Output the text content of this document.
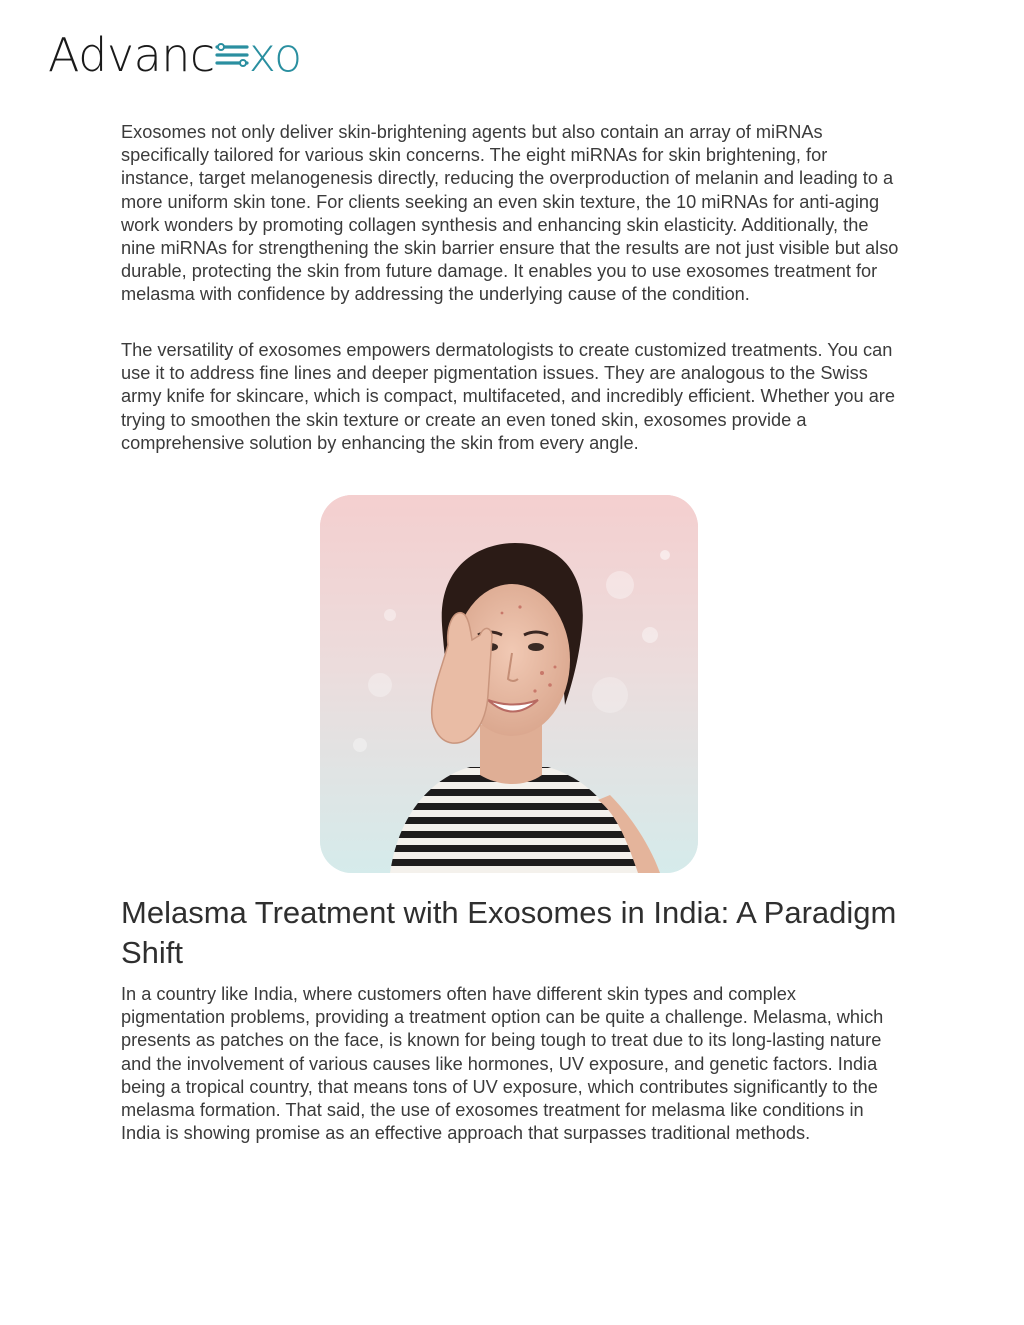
Advanc xo

Exosomes not only deliver skin-brightening agents but also contain an array of miRNAs specifically tailored for various skin concerns. The eight miRNAs for skin brightening, for instance, target melanogenesis directly, reducing the overproduction of melanin and leading to a more uniform skin tone. For clients seeking an even skin texture, the 10 miRNAs for anti-aging work wonders by promoting collagen synthesis and enhancing skin elasticity. Additionally, the nine miRNAs for strengthening the skin barrier ensure that the results are not just visible but also durable, protecting the skin from future damage. It enables you to use exosomes treatment for melasma with confidence by addressing the underlying cause of the condition.

The versatility of exosomes empowers dermatologists to create customized treatments. You can use it to address fine lines and deeper pigmentation issues. They are analogous to the Swiss army knife for skincare, which is compact, multifaceted, and incredibly efficient. Whether you are trying to smoothen the skin texture or create an even toned skin, exosomes provide a comprehensive solution by enhancing the skin from every angle.

Melasma Treatment with Exosomes in India: A Paradigm Shift

In a country like India, where customers often have different skin types and complex pigmentation problems, providing a treatment option can be quite a challenge. Melasma, which presents as patches on the face, is known for being tough to treat due to its long-lasting nature and the involvement of various causes like hormones, UV exposure, and genetic factors. India being a tropical country, that means tons of UV exposure, which contributes significantly to the melasma formation. That said, the use of exosomes treatment for melasma like conditions in India is showing promise as an effective approach that surpasses traditional methods.
